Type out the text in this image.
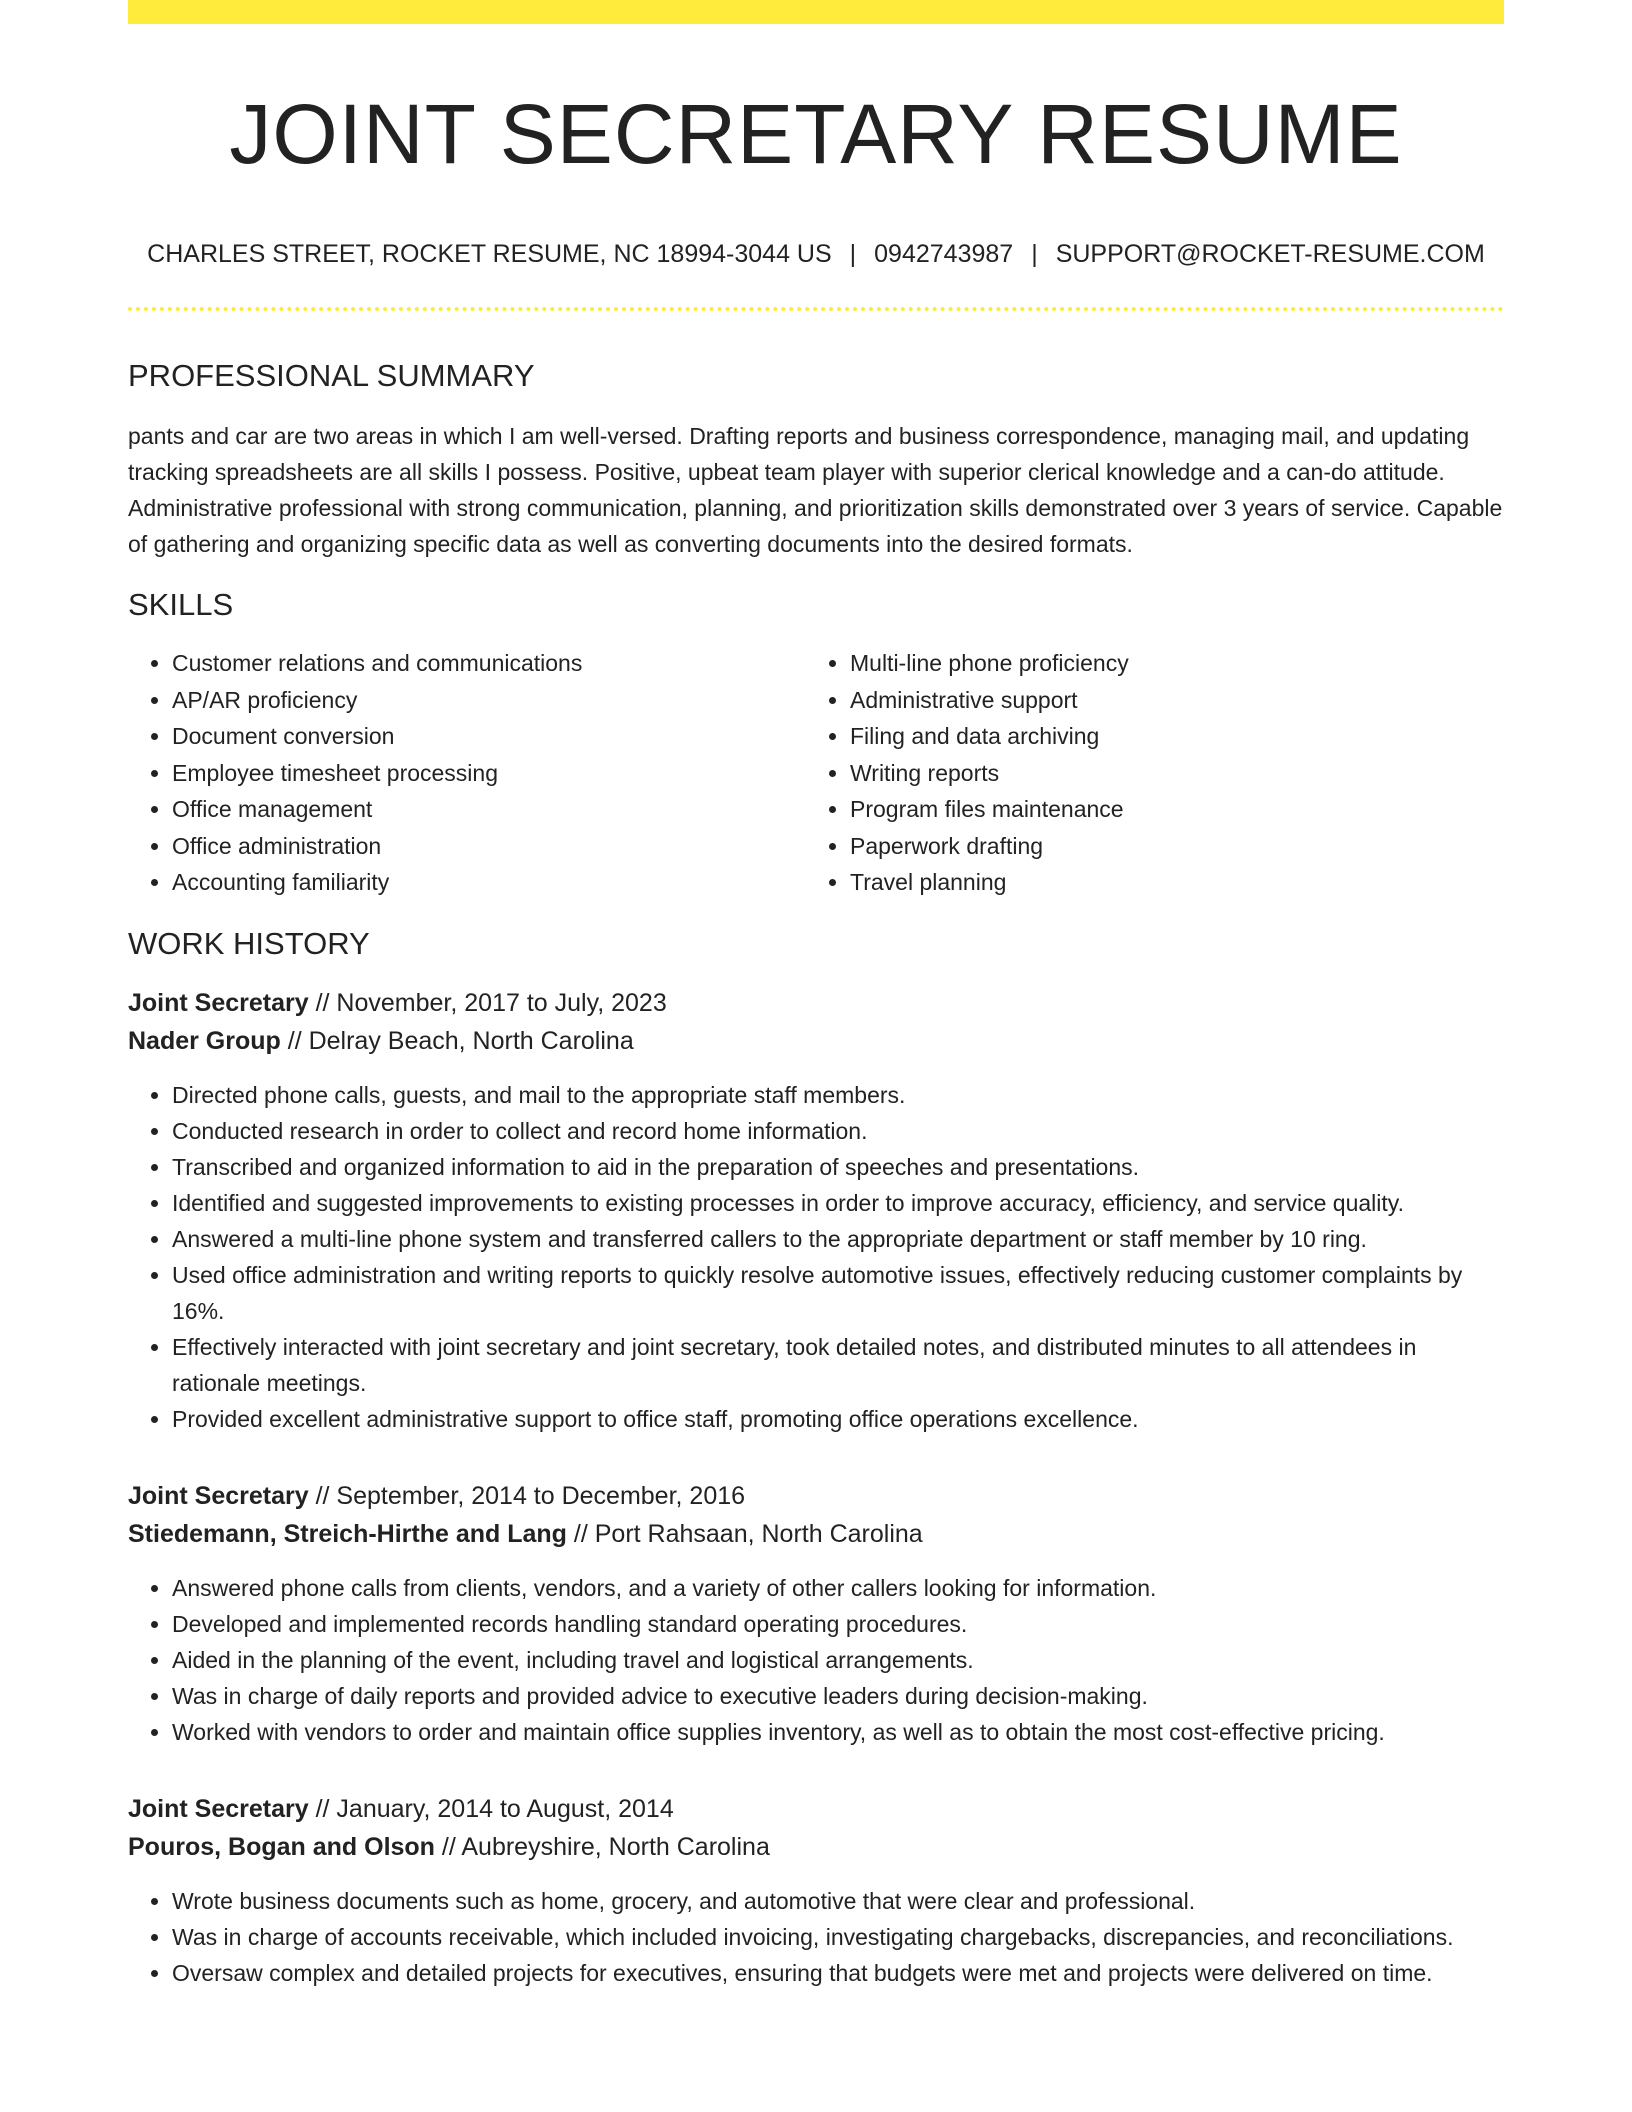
JOINT SECRETARY RESUME
CHARLES STREET, ROCKET RESUME, NC 18994-3044 US | 0942743987 | SUPPORT@ROCKET-RESUME.COM
PROFESSIONAL SUMMARY

pants and car are two areas in which I am well-versed. Drafting reports and business correspondence, managing mail, and updating tracking spreadsheets are all skills I possess. Positive, upbeat team player with superior clerical knowledge and a can-do attitude. Administrative professional with strong communication, planning, and prioritization skills demonstrated over 3 years of service. Capable of gathering and organizing specific data as well as converting documents into the desired formats.

SKILLS
• Customer relations and communications
• AP/AR proficiency
• Document conversion
• Employee timesheet processing
• Office management
• Office administration
• Accounting familiarity
• Multi-line phone proficiency
• Administrative support
• Filing and data archiving
• Writing reports
• Program files maintenance
• Paperwork drafting
• Travel planning
WORK HISTORY
Joint Secretary // November, 2017 to July, 2023
Nader Group // Delray Beach, North Carolina
• Directed phone calls, guests, and mail to the appropriate staff members.
• Conducted research in order to collect and record home information.
• Transcribed and organized information to aid in the preparation of speeches and presentations.
• Identified and suggested improvements to existing processes in order to improve accuracy, efficiency, and service quality.
• Answered a multi-line phone system and transferred callers to the appropriate department or staff member by 10 ring.
• Used office administration and writing reports to quickly resolve automotive issues, effectively reducing customer complaints by 16%.
• Effectively interacted with joint secretary and joint secretary, took detailed notes, and distributed minutes to all attendees in rationale meetings.
• Provided excellent administrative support to office staff, promoting office operations excellence.
Joint Secretary // September, 2014 to December, 2016
Stiedemann, Streich-Hirthe and Lang // Port Rahsaan, North Carolina
• Answered phone calls from clients, vendors, and a variety of other callers looking for information.
• Developed and implemented records handling standard operating procedures.
• Aided in the planning of the event, including travel and logistical arrangements.
• Was in charge of daily reports and provided advice to executive leaders during decision-making.
• Worked with vendors to order and maintain office supplies inventory, as well as to obtain the most cost-effective pricing.
Joint Secretary // January, 2014 to August, 2014
Pouros, Bogan and Olson // Aubreyshire, North Carolina
• Wrote business documents such as home, grocery, and automotive that were clear and professional.
• Was in charge of accounts receivable, which included invoicing, investigating chargebacks, discrepancies, and reconciliations.
• Oversaw complex and detailed projects for executives, ensuring that budgets were met and projects were delivered on time.
